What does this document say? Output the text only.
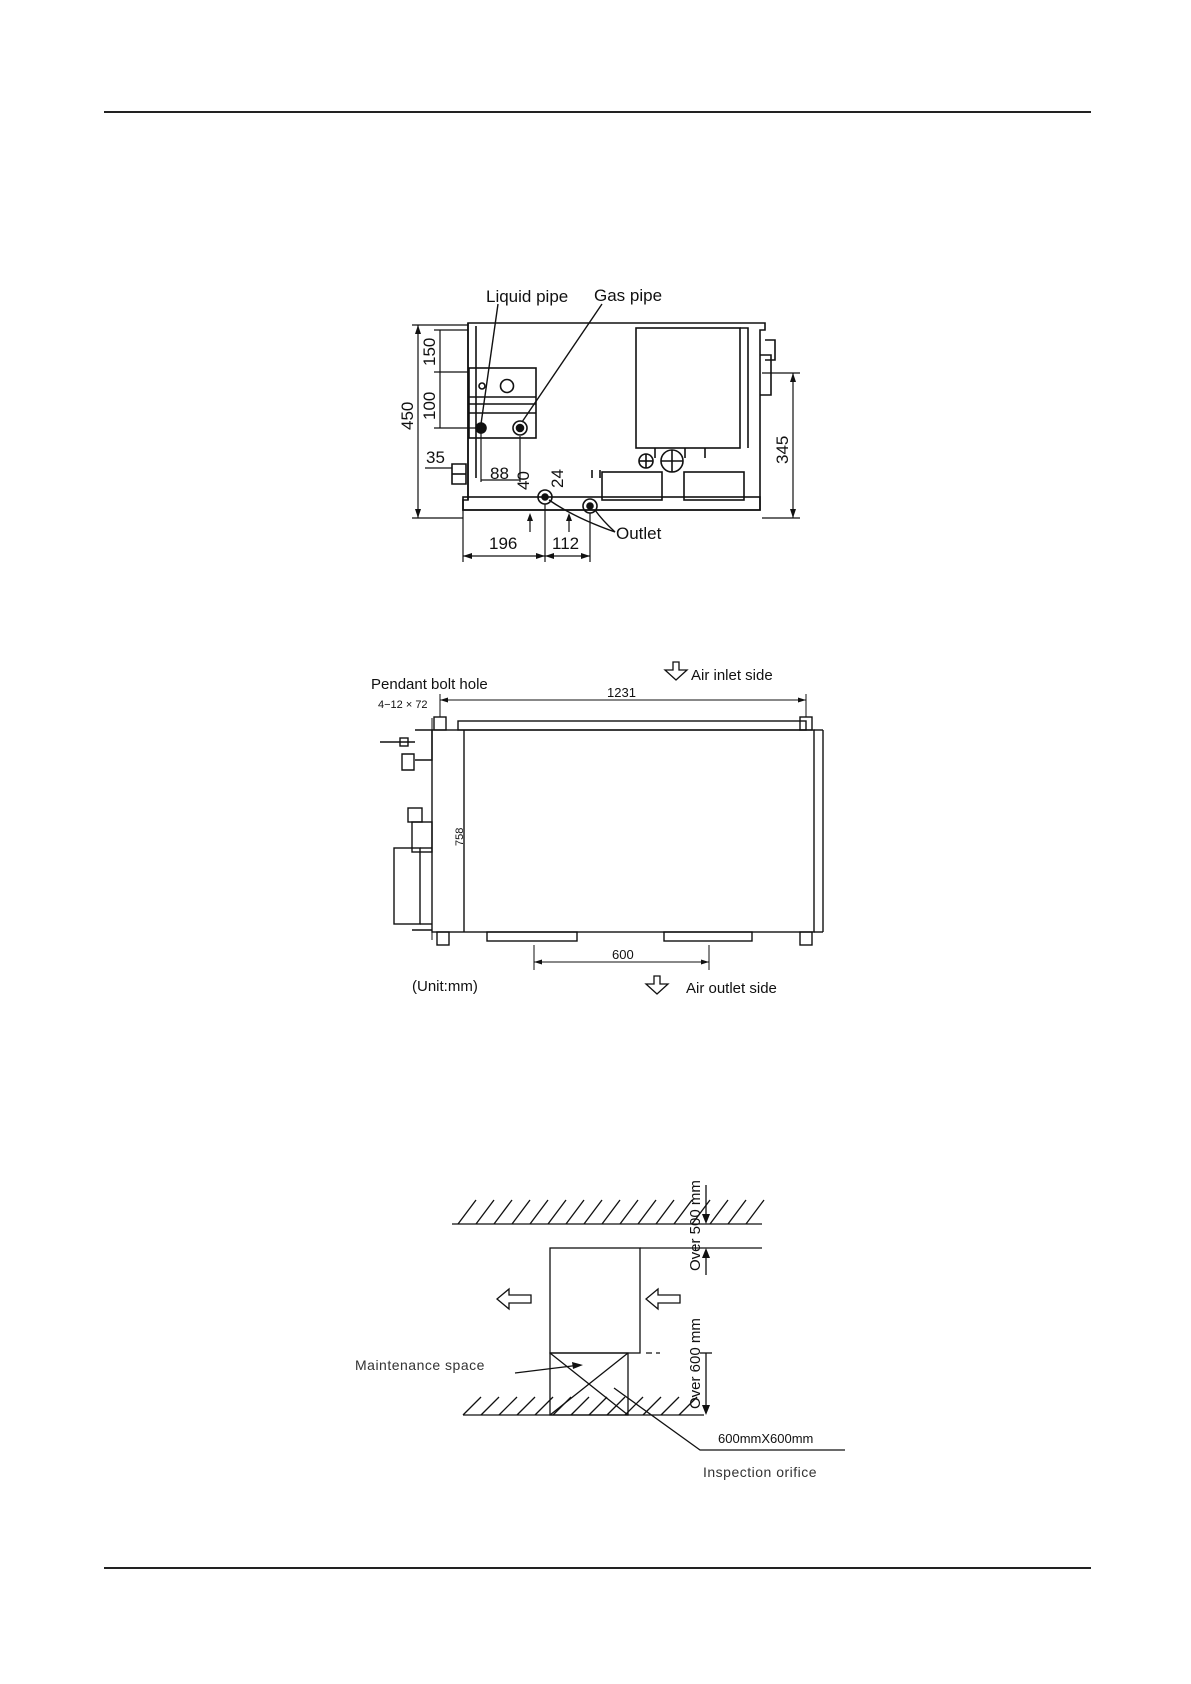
Liquid pipe Gas pipe
Outlet
450
150
100
35
88 40 24
345
196 112
Pendant bolt hole
4−12 × 72
Air inlet side
1231
758
600
(Unit:mm)	Air outlet side
Over 500 mm
Over 600 mm
Maintenance space
600mmX600mm
Inspection orifice
